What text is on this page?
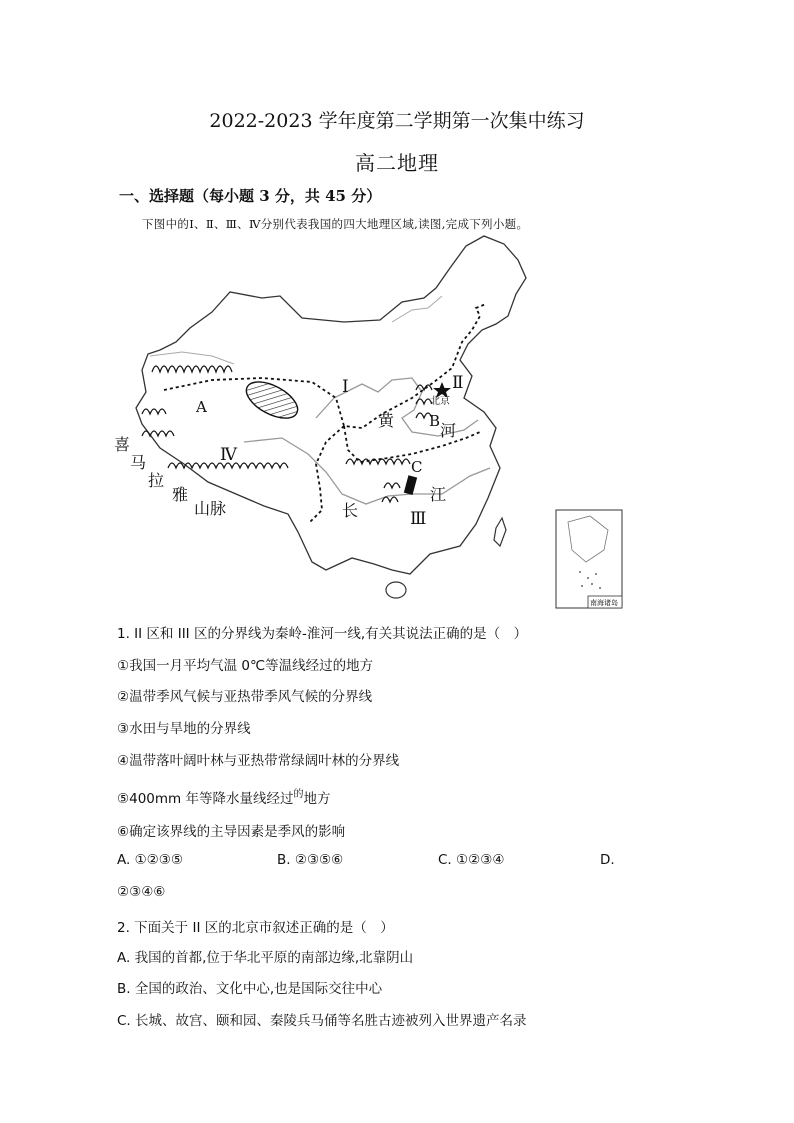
2022-2023 学年度第二学期第一次集中练习
高二地理
一、选择题（每小题 3 分，共 45 分）
下图中的Ⅰ、Ⅱ、Ⅲ、Ⅳ分别代表我国的四大地理区域,读图,完成下列小题。
南海诸岛
Ⅰ	Ⅱ
Ⅲ
Ⅳ
A
B
C
北京
黄
河
长
江
喜
马
拉
雅
山脉
1. II 区和 III 区的分界线为秦岭-淮河一线,有关其说法正确的是（　）
①我国一月平均气温 0℃等温线经过的地方
②温带季风气候与亚热带季风气候的分界线
③水田与旱地的分界线
④温带落叶阔叶林与亚热带常绿阔叶林的分界线
⑤400mm 年等降水量线经过$^的$地方
⑥确定该界线的主导因素是季风的影响
A. ①②③⑤	B. ②③⑤⑥	C. ①②③④	D.
②③④⑥
2. 下面关于 II 区的北京市叙述正确的是（　）
A. 我国的首都,位于华北平原的南部边缘,北靠阴山
B. 全国的政治、文化中心,也是国际交往中心
C. 长城、故宫、颐和园、秦陵兵马俑等名胜古迹被列入世界遗产名录
